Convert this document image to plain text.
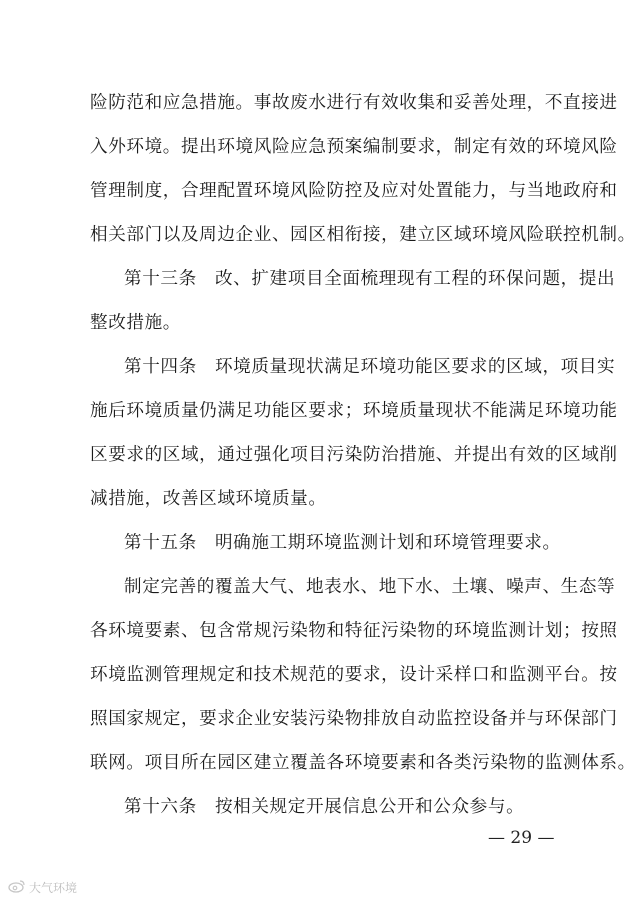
险防范和应急措施。事故废水进行有效收集和妥善处理，不直接进
入外环境。提出环境风险应急预案编制要求，制定有效的环境风险
管理制度，合理配置环境风险防控及应对处置能力，与当地政府和
相关部门以及周边企业、园区相衔接，建立区域环境风险联控机制。
第十三条　改、扩建项目全面梳理现有工程的环保问题，提出
整改措施。
第十四条　环境质量现状满足环境功能区要求的区域，项目实
施后环境质量仍满足功能区要求；环境质量现状不能满足环境功能
区要求的区域，通过强化项目污染防治措施、并提出有效的区域削
减措施，改善区域环境质量。
第十五条　明确施工期环境监测计划和环境管理要求。
制定完善的覆盖大气、地表水、地下水、土壤、噪声、生态等
各环境要素、包含常规污染物和特征污染物的环境监测计划；按照
环境监测管理规定和技术规范的要求，设计采样口和监测平台。按
照国家规定，要求企业安装污染物排放自动监控设备并与环保部门
联网。项目所在园区建立覆盖各环境要素和各类污染物的监测体系。
第十六条　按相关规定开展信息公开和公众参与。
— 29 —
大气环境
